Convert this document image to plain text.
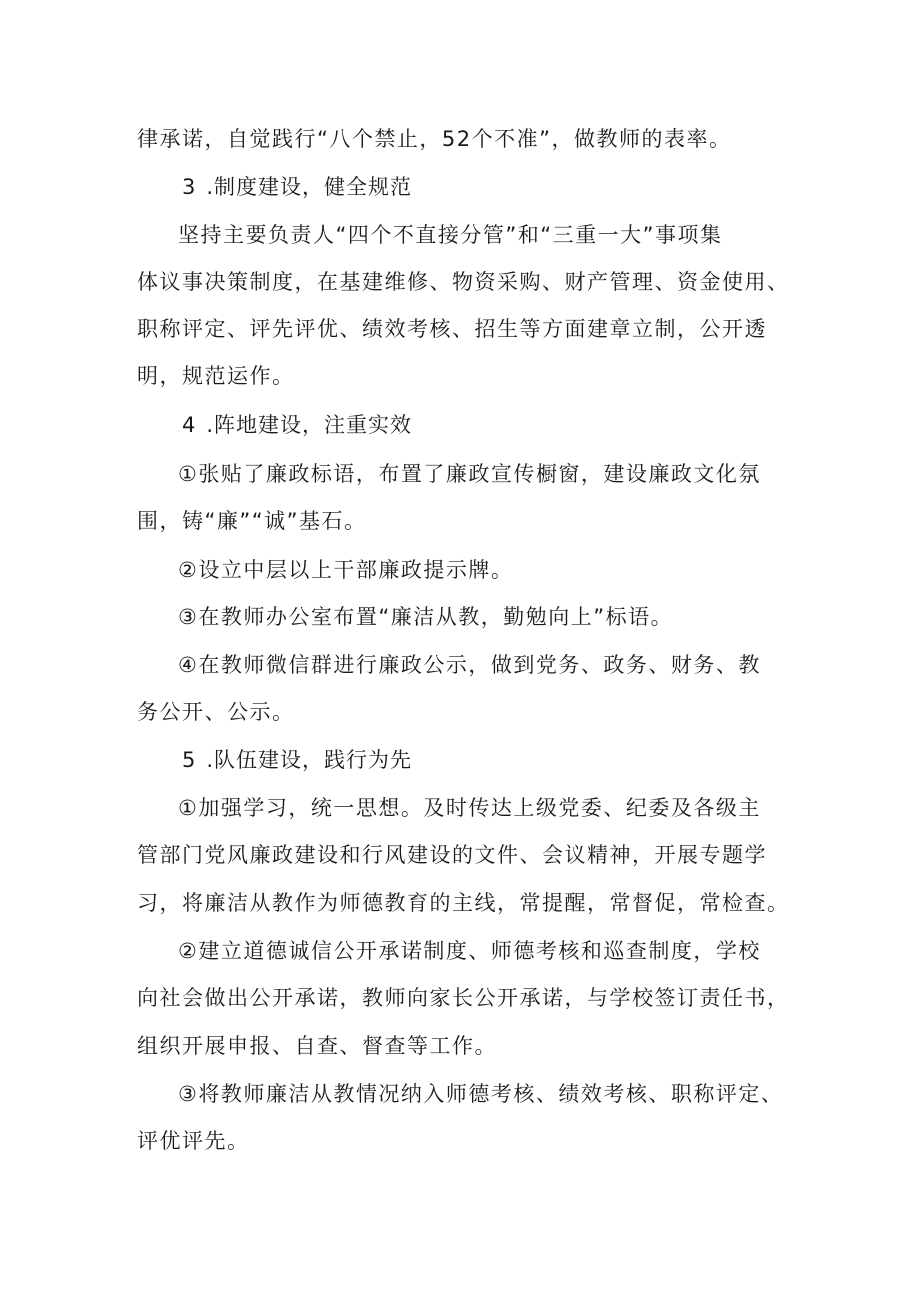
律承诺，自觉践行“八个禁止，52个不准”，做教师的表率。
3 .制度建设，健全规范
坚持主要负责人“四个不直接分管”和“三重一大”事项集
体议事决策制度，在基建维修、物资采购、财产管理、资金使用、
职称评定、评先评优、绩效考核、招生等方面建章立制，公开透
明，规范运作。
4 .阵地建设，注重实效
①张贴了廉政标语，布置了廉政宣传橱窗，建设廉政文化氛
围，铸“廉”“诚”基石。
②设立中层以上干部廉政提示牌。
③在教师办公室布置“廉洁从教，勤勉向上”标语。
④在教师微信群进行廉政公示，做到党务、政务、财务、教
务公开、公示。
5 .队伍建设，践行为先
①加强学习，统一思想。及时传达上级党委、纪委及各级主
管部门党风廉政建设和行风建设的文件、会议精神，开展专题学
习，将廉洁从教作为师德教育的主线，常提醒，常督促，常检查。
②建立道德诚信公开承诺制度、师德考核和巡查制度，学校
向社会做出公开承诺，教师向家长公开承诺，与学校签订责任书，
组织开展申报、自查、督查等工作。
③将教师廉洁从教情况纳入师德考核、绩效考核、职称评定、
评优评先。
